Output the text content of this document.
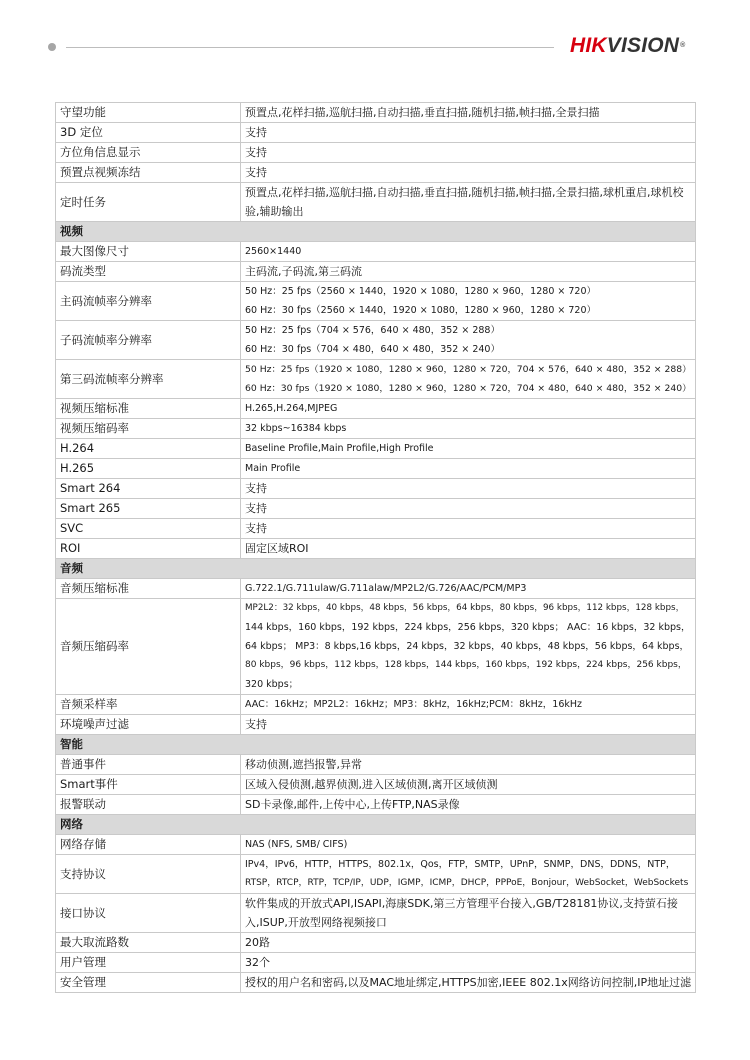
HIKVISION®
守望功能	预置点,花样扫描,巡航扫描,自动扫描,垂直扫描,随机扫描,帧扫描,全景扫描

3D 定位	支持

方位角信息显示	支持

预置点视频冻结	支持

定时任务	预置点,花样扫描,巡航扫描,自动扫描,垂直扫描,随机扫描,帧扫描,全景扫描,球机重启,球机校
验,辅助输出

视频	
最大图像尺寸	2560×1440

码流类型	主码流,子码流,第三码流

主码流帧率分辨率	50 Hz：25 fps（2560 × 1440，1920 × 1080，1280 × 960，1280 × 720）
60 Hz：30 fps（2560 × 1440，1920 × 1080，1280 × 960，1280 × 720）

子码流帧率分辨率	50 Hz：25 fps（704 × 576，640 × 480，352 × 288）
60 Hz：30 fps（704 × 480，640 × 480，352 × 240）

第三码流帧率分辨率	50 Hz：25 fps（1920 × 1080，1280 × 960，1280 × 720，704 × 576，640 × 480，352 × 288）
60 Hz：30 fps（1920 × 1080，1280 × 960，1280 × 720，704 × 480，640 × 480，352 × 240）

视频压缩标准	H.265,H.264,MJPEG

视频压缩码率	32 kbps~16384 kbps

H.264	Baseline Profile,Main Profile,High Profile

H.265	Main Profile

Smart 264	支持

Smart 265	支持

SVC	支持

ROI	固定区域ROI

音频	
音频压缩标准	G.722.1/G.711ulaw/G.711alaw/MP2L2/G.726/AAC/PCM/MP3

音频压缩码率	MP2L2：32 kbps，40 kbps，48 kbps，56 kbps，64 kbps，80 kbps，96 kbps，112 kbps，128 kbps，
144 kbps，160 kbps，192 kbps，224 kbps，256 kbps，320 kbps； AAC：16 kbps，32 kbps，
64 kbps； MP3：8 kbps,16 kbps，24 kbps，32 kbps，40 kbps，48 kbps，56 kbps，64 kbps，
80 kbps，96 kbps，112 kbps，128 kbps，144 kbps，160 kbps，192 kbps，224 kbps，256 kbps，
320 kbps；

音频采样率	AAC：16kHz；MP2L2：16kHz；MP3：8kHz，16kHz;PCM：8kHz，16kHz

环境噪声过滤	支持

智能	
普通事件	移动侦测,遮挡报警,异常

Smart事件	区域入侵侦测,越界侦测,进入区域侦测,离开区域侦测

报警联动	SD卡录像,邮件,上传中心,上传FTP,NAS录像

网络	
网络存储	NAS (NFS, SMB/ CIFS)

支持协议	IPv4，IPv6，HTTP，HTTPS，802.1x，Qos，FTP，SMTP，UPnP，SNMP，DNS，DDNS，NTP，
RTSP，RTCP，RTP，TCP/IP，UDP，IGMP，ICMP，DHCP，PPPoE，Bonjour，WebSocket，WebSockets

接口协议	软件集成的开放式API,ISAPI,海康SDK,第三方管理平台接入,GB/T28181协议,支持萤石接
入,ISUP,开放型网络视频接口

最大取流路数	20路

用户管理	32个

安全管理	授权的用户名和密码,以及MAC地址绑定,HTTPS加密,IEEE 802.1x网络访问控制,IP地址过滤
